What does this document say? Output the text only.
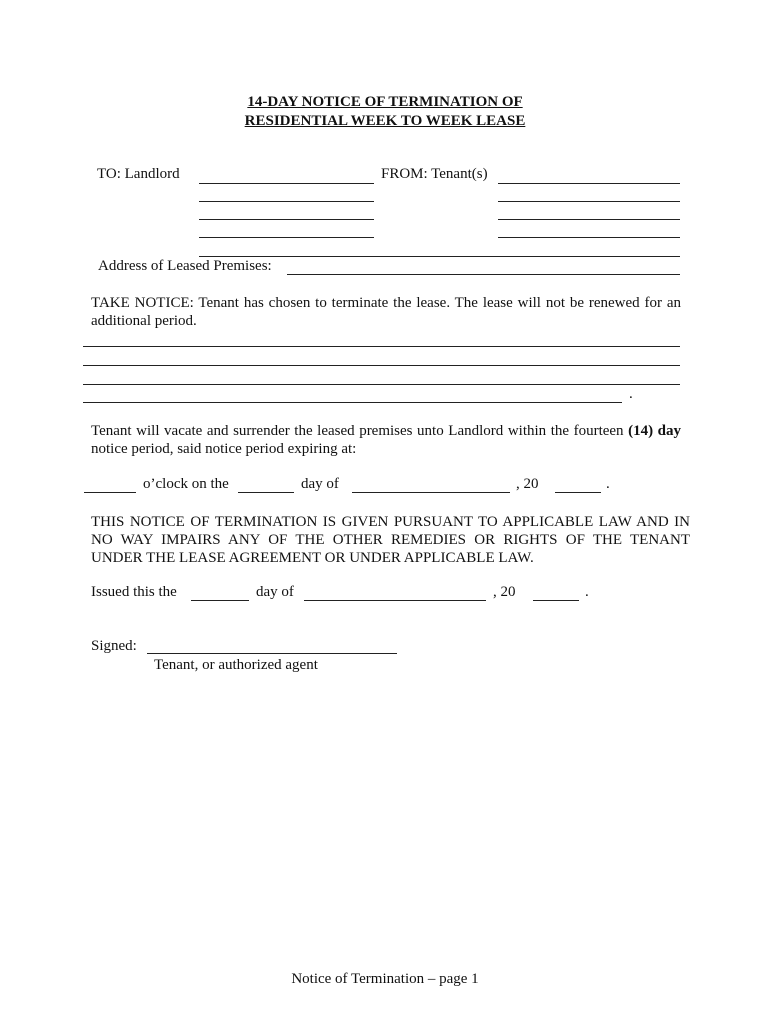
14-DAY NOTICE OF TERMINATION OF
RESIDENTIAL WEEK TO WEEK LEASE
TO: Landlord	FROM: Tenant(s)
Address of Leased Premises:
TAKE NOTICE: Tenant has chosen to terminate the lease. The lease will not be renewed for an additional period.
.
Tenant will vacate and surrender the leased premises unto Landlord within the fourteen (14) day notice period, said notice period expiring at:
o’clock on the	day of	, 20	.
THIS NOTICE OF TERMINATION IS GIVEN PURSUANT TO APPLICABLE LAW AND IN NO WAY IMPAIRS ANY OF THE OTHER REMEDIES OR RIGHTS OF THE TENANT UNDER THE LEASE AGREEMENT OR UNDER APPLICABLE LAW.
Issued this the	day of	, 20	.
Signed:
Tenant, or authorized agent
Notice of Termination – page 1
